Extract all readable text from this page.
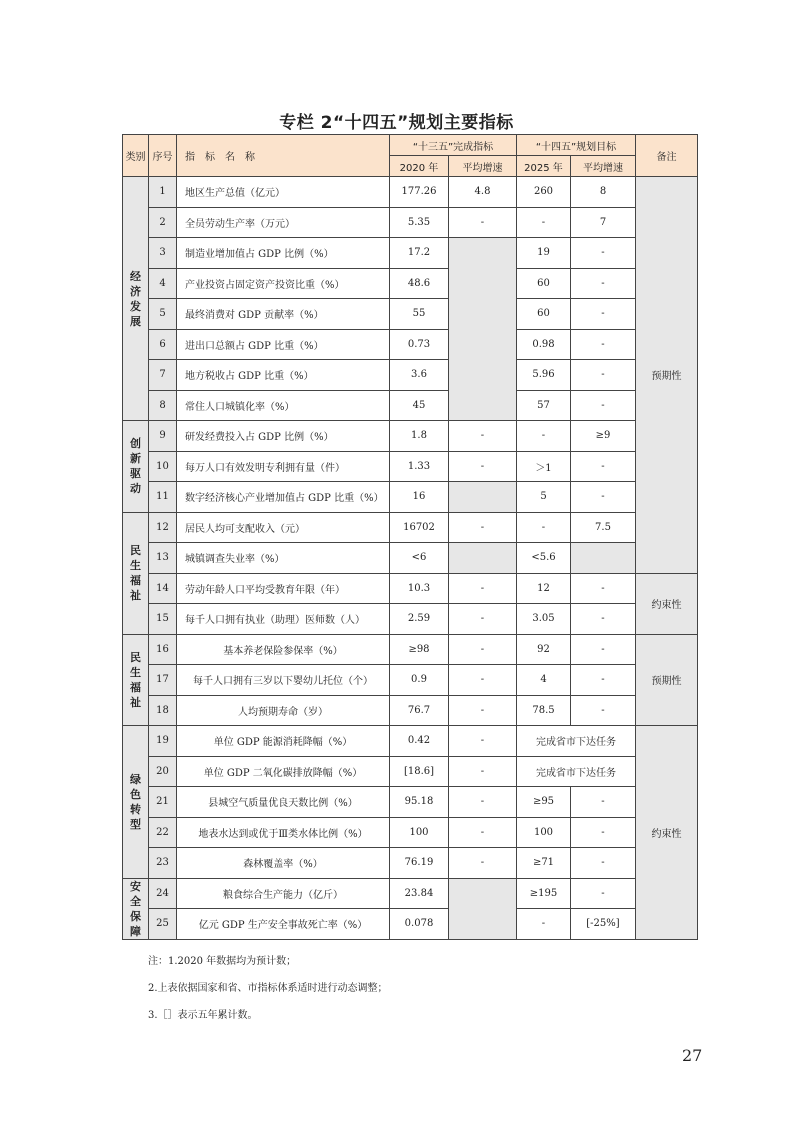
专栏 2“十四五”规划主要指标
类别	序号	指　标　名　称	“十三五”完成指标		“十四五”规划目标		备注
			2020 年	平均增速	2025 年	平均增速	

经
济
发
展	1	地区生产总值（亿元）	177.26	4.8	260	8	预期性
	2	全员劳动生产率（万元）	5.35	-	-	7	
	3	制造业增加值占 GDP 比例（%）	17.2		19	-	
	4	产业投资占固定资产投资比重（%）	48.6		60	-	
	5	最终消费对 GDP 贡献率（%）	55		60	-	
	6	进出口总额占 GDP 比重（%）	0.73		0.98	-	
	7	地方税收占 GDP 比重（%）	3.6		5.96	-	
	8	常住人口城镇化率（%）	45		57	-	

创
新
驱
动	9	研发经费投入占 GDP 比例（%）	1.8	-	-	≥9	
	10	每万人口有效发明专利拥有量（件）	1.33	-	＞1	-	
	11	数字经济核心产业增加值占 GDP 比重（%）	16		5	-	

民
生
福
祉	12	居民人均可支配收入（元）	16702	-	-	7.5	
	13	城镇调查失业率（%）	<6		<5.6		
	14	劳动年龄人口平均受教育年限（年）	10.3	-	12	-	约束性
	15	每千人口拥有执业（助理）医师数（人）	2.59	-	3.05	-	

民
生
福
祉	16	基本养老保险参保率（%）	≥98	-	92	-	预期性
	17	每千人口拥有三岁以下婴幼儿托位（个）	0.9	-	4	-	
	18	人均预期寿命（岁）	76.7	-	78.5	-	

绿
色
转
型	19	单位 GDP 能源消耗降幅（%）	0.42	-	完成省市下达任务		约束性
	20	单位 GDP 二氧化碳排放降幅（%）	[18.6]	-	完成省市下达任务		
	21	县城空气质量优良天数比例（%）	95.18	-	≥95	-	
	22	地表水达到或优于Ⅲ类水体比例（%）	100	-	100	-	
	23	森林覆盖率（%）	76.19	-	≥71	-	

安
全
保
障	24	粮食综合生产能力（亿斤）	23.84		≥195	-	
	25	亿元 GDP 生产安全事故死亡率（%）	0.078		-	[-25%]	
注：1.2020 年数据均为预计数；
2.上表依据国家和省、市指标体系适时进行动态调整；
3.［］表示五年累计数。
27
